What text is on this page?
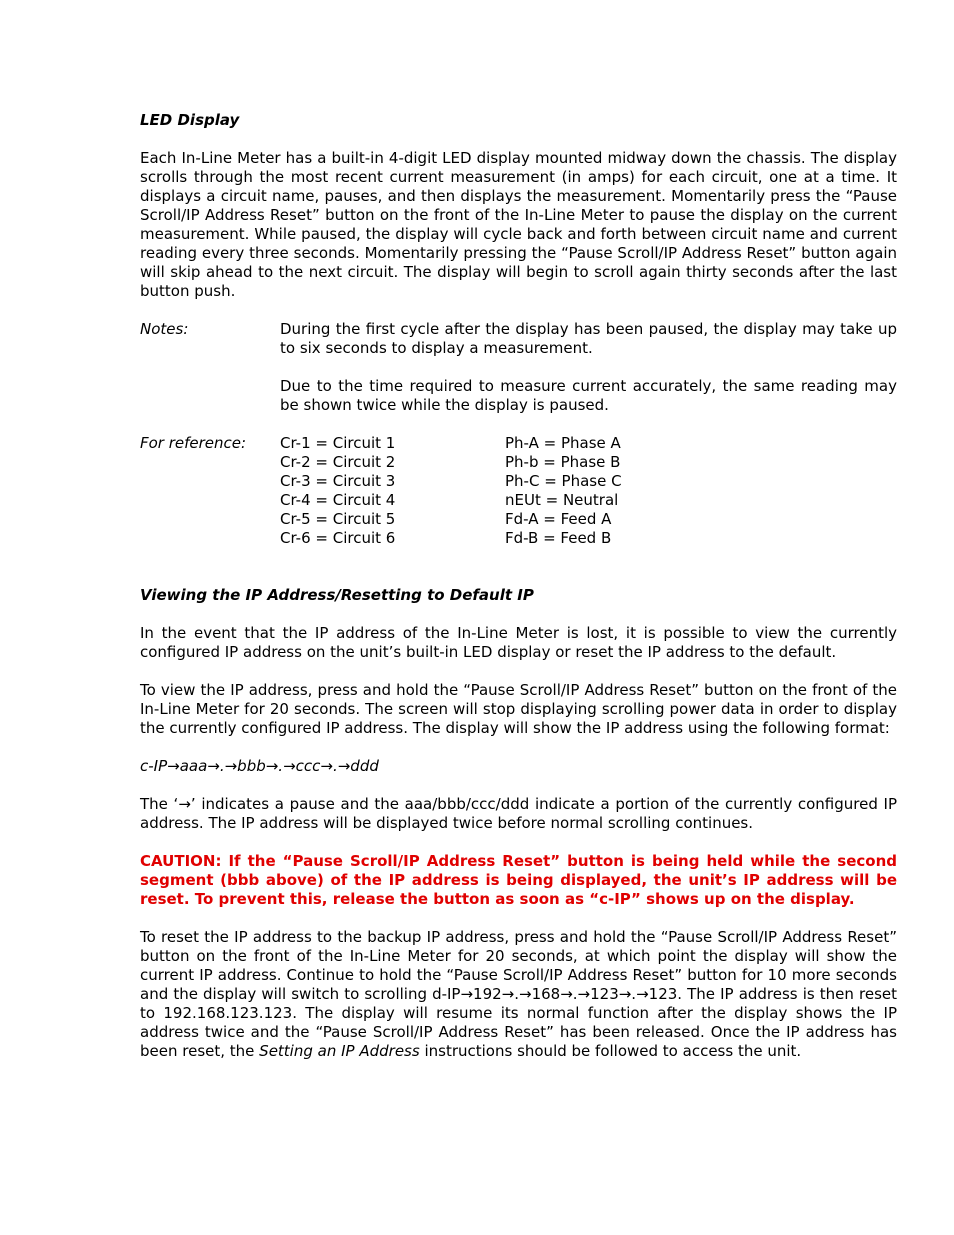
LED Display

Each In-Line Meter has a built-in 4-digit LED display mounted midway down the chassis. The display scrolls through the most recent current measurement (in amps) for each circuit, one at a time. It displays a circuit name, pauses, and then displays the measurement. Momentarily press the “Pause Scroll/IP Address Reset” button on the front of the In-Line Meter to pause the display on the current measurement. While paused, the display will cycle back and forth between circuit name and current reading every three seconds. Momentarily pressing the “Pause Scroll/IP Address Reset” button again will skip ahead to the next circuit. The display will begin to scroll again thirty seconds after the last button push.

Notes:	During the first cycle after the display has been paused, the display may take up to six seconds to display a measurement.

Due to the time required to measure current accurately, the same reading may be shown twice while the display is paused.

For reference:	Cr-1 = Circuit 1
Cr-2 = Circuit 2
Cr-3 = Circuit 3
Cr-4 = Circuit 4
Cr-5 = Circuit 5
Cr-6 = Circuit 6
Ph-A = Phase A
Ph-b = Phase B
Ph-C = Phase C
nEUt = Neutral
Fd-A = Feed A
Fd-B = Feed B

Viewing the IP Address/Resetting to Default IP

In the event that the IP address of the In-Line Meter is lost, it is possible to view the currently configured IP address on the unit’s built-in LED display or reset the IP address to the default.

To view the IP address, press and hold the “Pause Scroll/IP Address Reset” button on the front of the In-Line Meter for 20 seconds. The screen will stop displaying scrolling power data in order to display the currently configured IP address. The display will show the IP address using the following format:

c-IP→aaa→.→bbb→.→ccc→.→ddd

The ‘→’ indicates a pause and the aaa/bbb/ccc/ddd indicate a portion of the currently configured IP address. The IP address will be displayed twice before normal scrolling continues.

CAUTION: If the “Pause Scroll/IP Address Reset” button is being held while the second segment (bbb above) of the IP address is being displayed, the unit’s IP address will be reset. To prevent this, release the button as soon as “c-IP” shows up on the display.

To reset the IP address to the backup IP address, press and hold the “Pause Scroll/IP Address Reset” button on the front of the In-Line Meter for 20 seconds, at which point the display will show the current IP address. Continue to hold the “Pause Scroll/IP Address Reset” button for 10 more seconds and the display will switch to scrolling d-IP→192→.→168→.→123→.→123. The IP address is then reset to 192.168.123.123. The display will resume its normal function after the display shows the IP address twice and the “Pause Scroll/IP Address Reset” has been released. Once the IP address has been reset, the Setting an IP Address instructions should be followed to access the unit.
